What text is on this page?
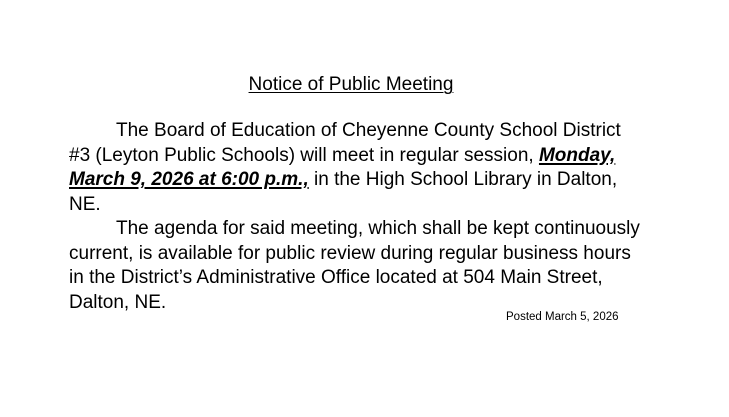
Notice of Public Meeting

The Board of Education of Cheyenne County School District #3 (Leyton Public Schools) will meet in regular session, Monday, March 9, 2026 at 6:00 p.m., in the High School Library in Dalton, NE.

The agenda for said meeting, which shall be kept continuously current, is available for public review during regular business hours in the District’s Administrative Office located at 504 Main Street, Dalton, NE.

Posted March 5, 2026
